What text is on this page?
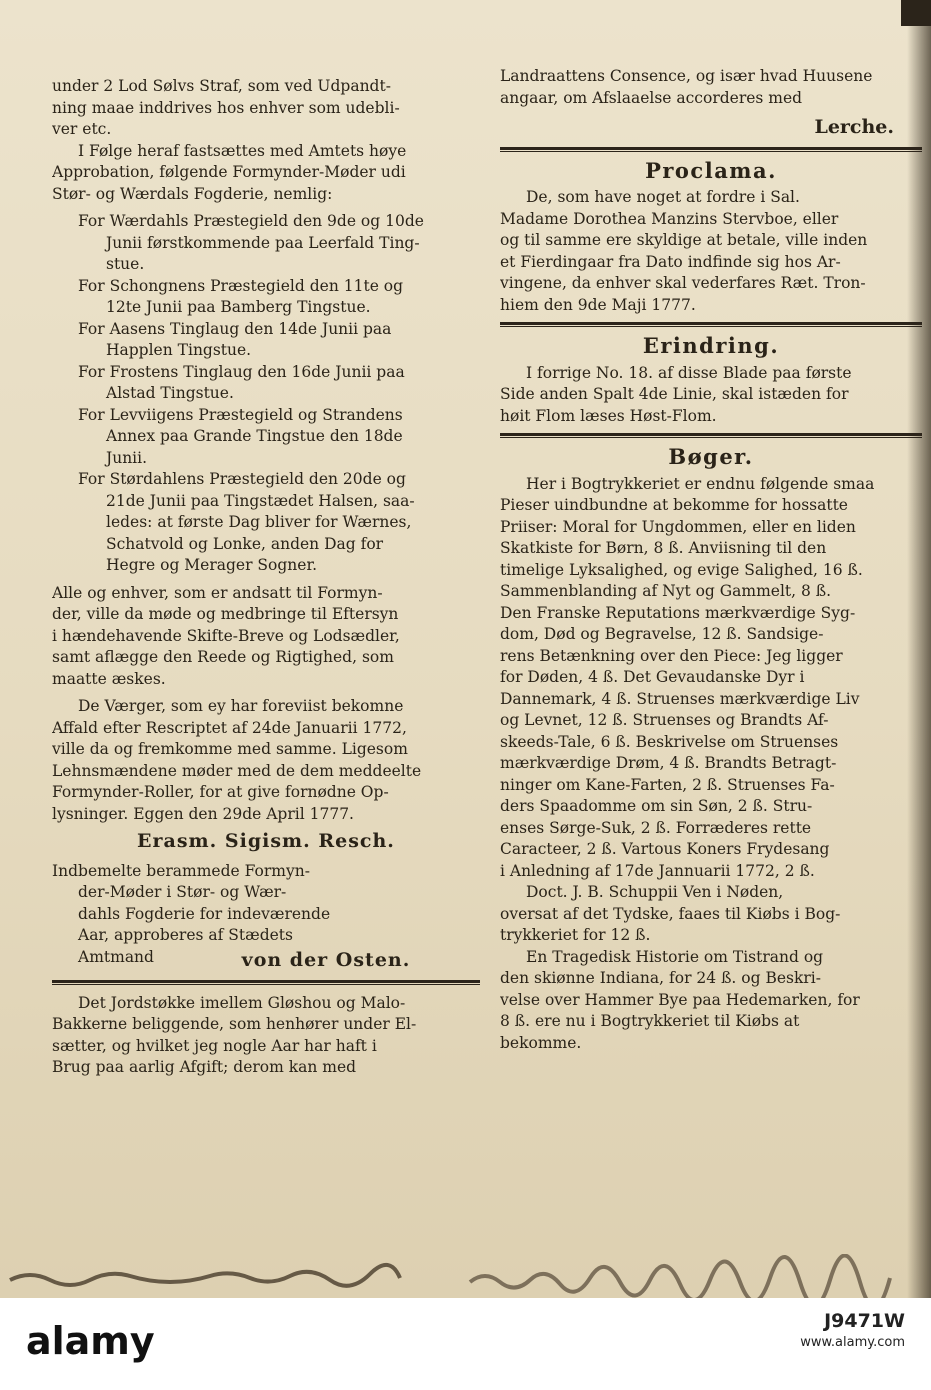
under 2 Lod Sølvs Straf, som ved Udpandt-
ning maae inddrives hos enhver som udebli-
ver etc.
I Følge heraf fastsættes med Amtets høye
Approbation, følgende Formynder-Møder udi
Stør- og Wærdals Fogderie, nemlig:
For Wærdahls Præstegield den 9de og 10de
Junii førstkommende paa Leerfald Ting-
stue.
For Schongnens Præstegield den 11te og
12te Junii paa Bamberg Tingstue.
For Aasens Tinglaug den 14de Junii paa
Happlen Tingstue.
For Frostens Tinglaug den 16de Junii paa
Alstad Tingstue.
For Levviigens Præstegield og Strandens
Annex paa Grande Tingstue den 18de
Junii.
For Størdahlens Præstegield den 20de og
21de Junii paa Tingstædet Halsen, saa-
ledes: at første Dag bliver for Wærnes,
Schatvold og Lonke, anden Dag for
Hegre og Merager Sogner.
Alle og enhver, som er andsatt til Formyn-
der, ville da møde og medbringe til Eftersyn
i hændehavende Skifte-Breve og Lodsædler,
samt aflægge den Reede og Rigtighed, som
maatte æskes.
De Værger, som ey har foreviist bekomne
Affald efter Rescriptet af 24de Januarii 1772,
ville da og fremkomme med samme. Ligesom
Lehnsmændene møder med de dem meddeelte
Formynder-Roller, for at give fornødne Op-
lysninger. Eggen den 29de April 1777.
Erasm. Sigism. Resch.
Indbemelte berammede Formyn-
der-Møder i Stør- og Wær-
dahls Fogderie for indeværende
Aar, approberes af Stædets
Amtmand	von der Osten.
Det Jordstøkke imellem Gløshou og Malo-
Bakkerne beliggende, som henhører under El-
sætter, og hvilket jeg nogle Aar har haft i
Brug paa aarlig Afgift; derom kan med
Landraattens Consence, og især hvad Huusene
angaar, om Afslaaelse accorderes med
Lerche.
Proclama.
De, som have noget at fordre i Sal.
Madame Dorothea Manzins Stervboe, eller
og til samme ere skyldige at betale, ville inden
et Fierdingaar fra Dato indfinde sig hos Ar-
vingene, da enhver skal vederfares Ræt. Tron-
hiem den 9de Maji 1777.
Erindring.
I forrige No. 18. af disse Blade paa første
Side anden Spalt 4de Linie, skal istæden for
høit Flom læses Høst-Flom.
Bøger.
Her i Bogtrykkeriet er endnu følgende smaa
Pieser uindbundne at bekomme for hossatte
Priiser: Moral for Ungdommen, eller en liden
Skatkiste for Børn, 8 ß. Anviisning til den
timelige Lyksalighed, og evige Salighed, 16 ß.
Sammenblanding af Nyt og Gammelt, 8 ß.
Den Franske Reputations mærkværdige Syg-
dom, Død og Begravelse, 12 ß. Sandsige-
rens Betænkning over den Piece: Jeg ligger
for Døden, 4 ß. Det Gevaudanske Dyr i
Dannemark, 4 ß. Struenses mærkværdige Liv
og Levnet, 12 ß. Struenses og Brandts Af-
skeeds-Tale, 6 ß. Beskrivelse om Struenses
mærkværdige Drøm, 4 ß. Brandts Betragt-
ninger om Kane-Farten, 2 ß. Struenses Fa-
ders Spaadomme om sin Søn, 2 ß. Stru-
enses Sørge-Suk, 2 ß. Forræderes rette
Caracteer, 2 ß. Vartous Koners Frydesang
i Anledning af 17de Jannuarii 1772, 2 ß.
Doct. J. B. Schuppii Ven i Nøden,
oversat af det Tydske, faaes til Kiøbs i Bog-
trykkeriet for 12 ß.
En Tragedisk Historie om Tistrand og
den skiønne Indiana, for 24 ß. og Beskri-
velse over Hammer Bye paa Hedemarken, for
8 ß. ere nu i Bogtrykkeriet til Kiøbs at
bekomme.
alamy	J9471W
www.alamy.com
